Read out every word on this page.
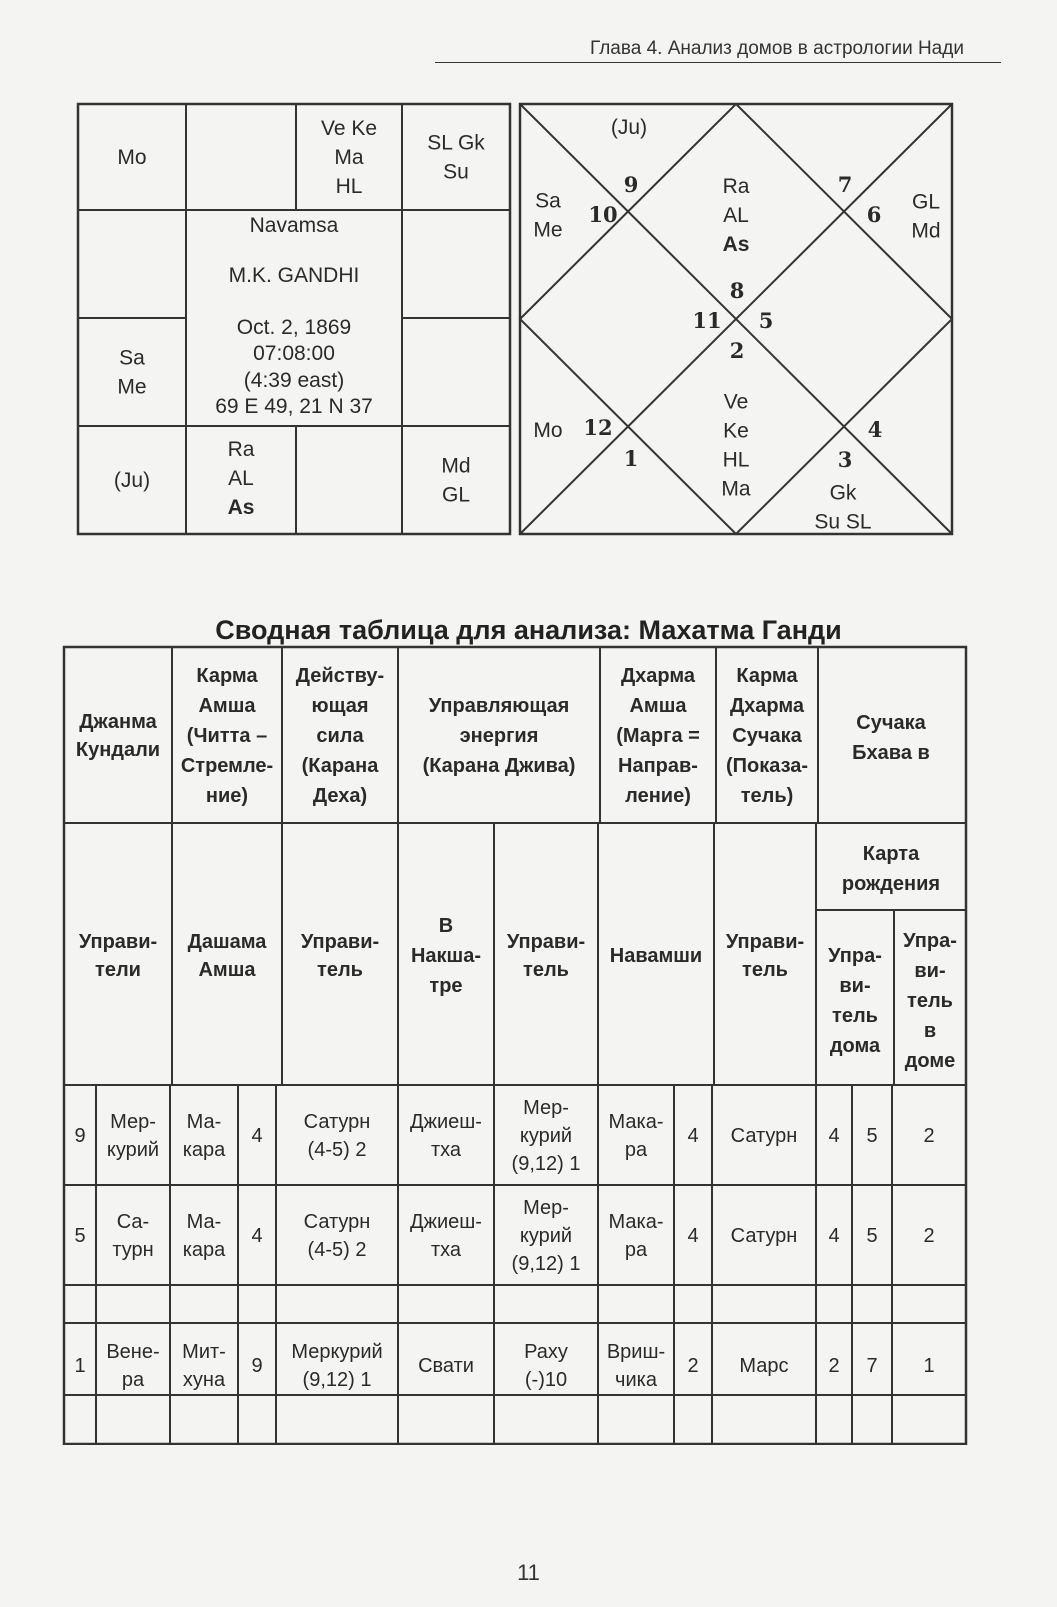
Глава 4. Анализ домов в астрологии Нади
Mo
Ve Ke
Ma
HL
SL Gk
Su
Sa
Me
(Ju)
Ra
AL
As
Md
GL
Navamsa
M.K. GANDHI
Oct. 2, 1869
07:08:00
(4:39 east)
69 E 49, 21 N 37
(Ju)
Sa
Me
GL
Md
Ra
AL
As
Ve
Ke
HL
Ma
Mo
Gk
Su SL
9
10
7
6
8
11 5
2
12
1
4
3
Сводная таблица для анализа: Махатма Ганди
Джанма
Кундали
Карма
Амша
(Читта –
Стремле-
ние)
Действу-
ющая
сила
(Карана
Деха)
Управляющая
энергия
(Карана Джива)
Дхарма
Амша
(Марга =
Направ-
ление)
Карма
Дхарма
Сучака
(Показа-
тель)
Сучака
Бхава в
Управи-
тели
Дашама
Амша
Управи-
тель
В
Накша-
тре
Управи-
тель
Навамши
Управи-
тель
Карта
рождения
Упра-
ви-
тель
дома
Упра-
ви-
тель
в
доме
9
Мер-
курий
Ма-
кара
4
Сатурн
(4-5) 2
Джиеш-
тха
Мер-
курий
(9,12) 1
Мака-
ра
4 Сатурн 4 5 2
5
Са-
турн
Ма-
кара
4
Сатурн
(4-5) 2
Джиеш-
тха
Мер-
курий
(9,12) 1
Мака-
ра
4 Сатурн 4 5 2
1
Вене-
ра
Мит-
хуна
9
Меркурий
(9,12) 1
Свати
Раху
(-)10
Вриш-
чика
2 Марс 2 7 1
11
